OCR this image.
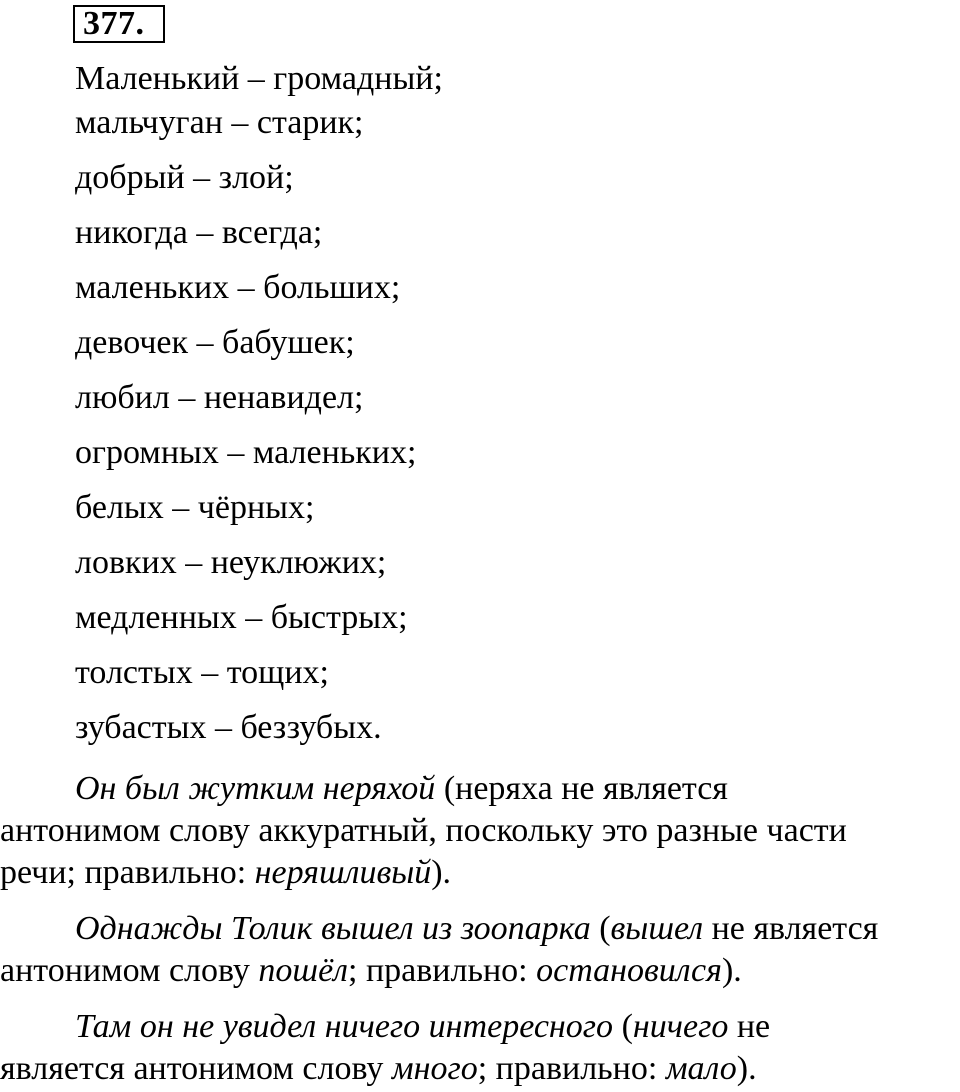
377.
Маленький – громадный;
мальчуган – старик;
добрый – злой;
никогда – всегда;
маленьких – больших;
девочек – бабушек;
любил – ненавидел;
огромных – маленьких;
белых – чёрных;
ловких – неуклюжих;
медленных – быстрых;
толстых – тощих;
зубастых – беззубых.

Он был жутким неряхой (неряха не является
антонимом слову аккуратный, поскольку это разные части
речи; правильно: неряшливый).

Однажды Толик вышел из зоопарка (вышел не является
антонимом слову пошёл; правильно: остановился).

Там он не увидел ничего интересного (ничего не
является антонимом слову много; правильно: мало).
